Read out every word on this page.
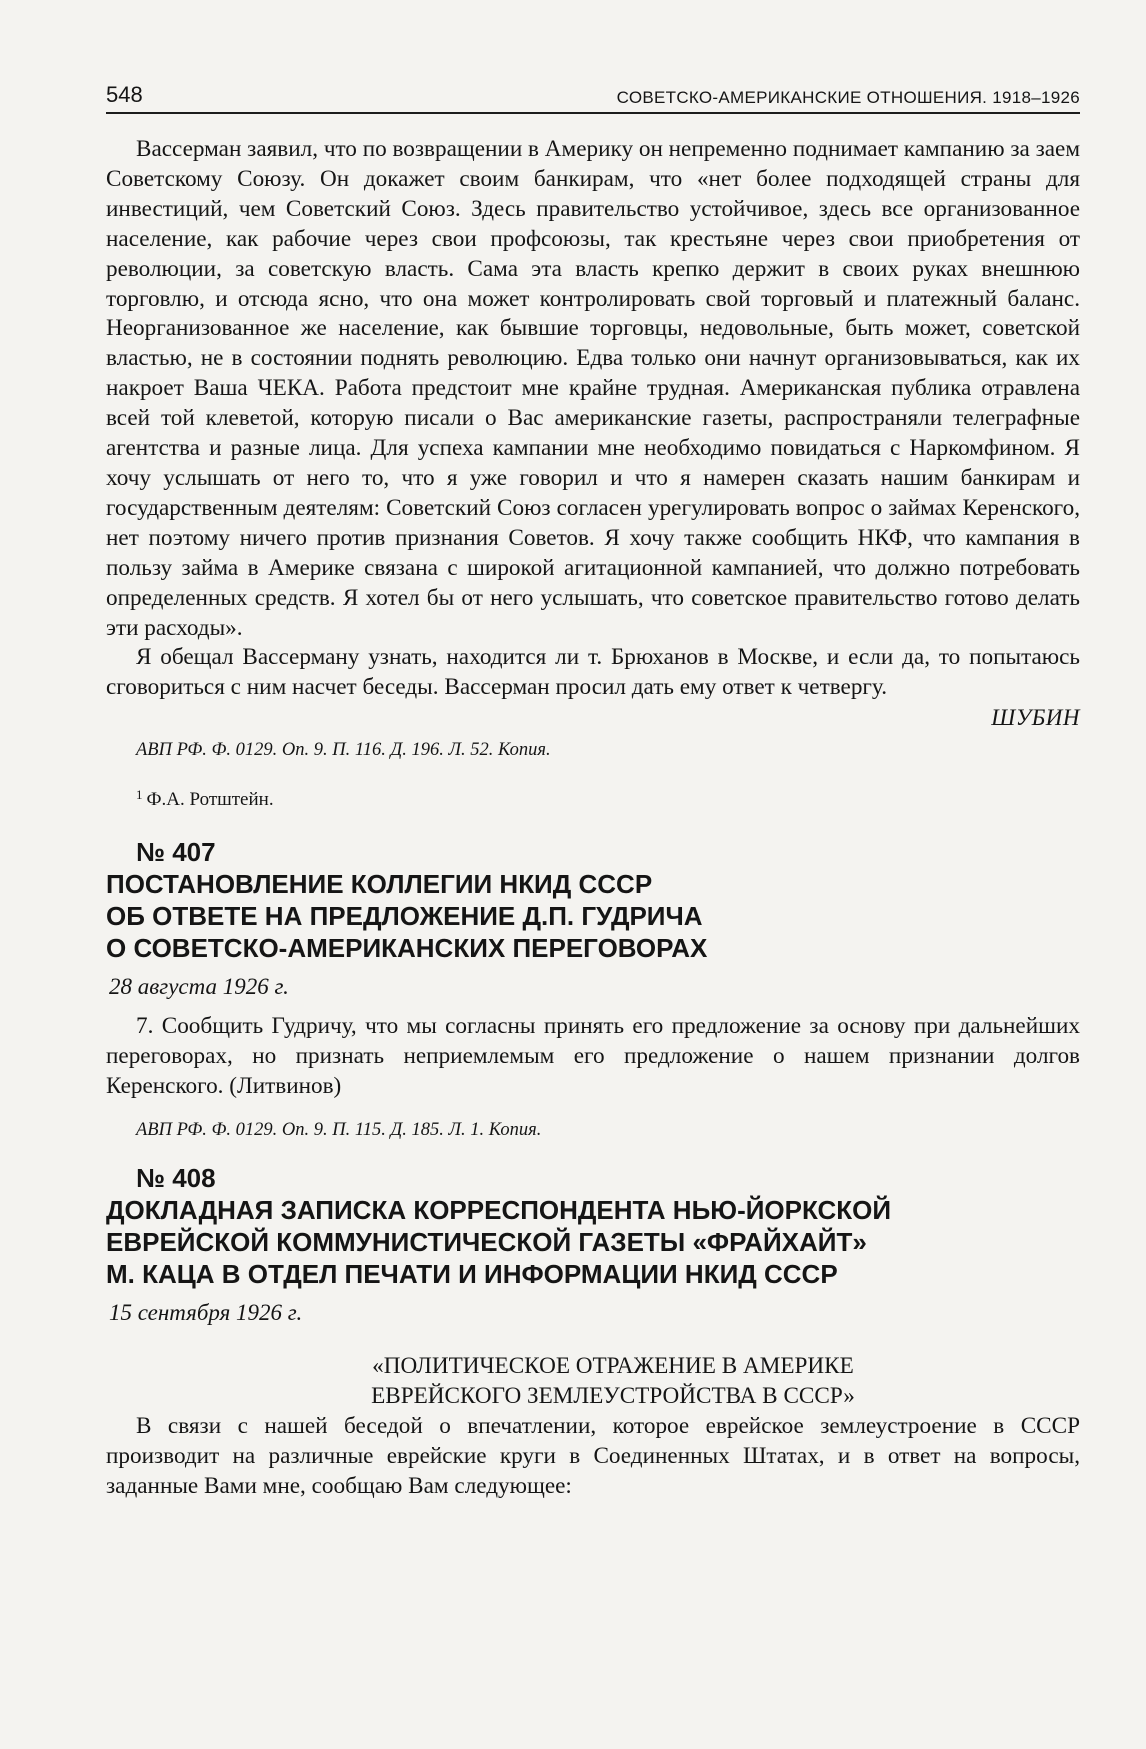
548	СОВЕТСКО-АМЕРИКАНСКИЕ ОТНОШЕНИЯ. 1918–1926

Вассерман заявил, что по возвращении в Америку он непременно поднимает кампанию за заем Советскому Союзу. Он докажет своим банкирам, что «нет более подходящей страны для инвестиций, чем Советский Союз. Здесь правительство устойчивое, здесь все организованное население, как рабочие через свои профсоюзы, так крестьяне через свои приобретения от революции, за советскую власть. Сама эта власть крепко держит в своих руках внешнюю торговлю, и отсюда ясно, что она может контролировать свой торговый и платежный баланс. Неорганизованное же население, как бывшие торговцы, недовольные, быть может, советской властью, не в состоянии поднять революцию. Едва только они начнут организовываться, как их накроет Ваша ЧЕКА. Работа предстоит мне крайне трудная. Американская публика отравлена всей той клеветой, которую писали о Вас американские газеты, распространяли телеграфные агентства и разные лица. Для успеха кампании мне необходимо повидаться с Наркомфином. Я хочу услышать от него то, что я уже говорил и что я намерен сказать нашим банкирам и государственным деятелям: Советский Союз согласен урегулировать вопрос о займах Керенского, нет поэтому ничего против признания Советов. Я хочу также сообщить НКФ, что кампания в пользу займа в Америке связана с широкой агитационной кампанией, что должно потребовать определенных средств. Я хотел бы от него услышать, что советское правительство готово делать эти расходы».

Я обещал Вассерману узнать, находится ли т. Брюханов в Москве, и если да, то попытаюсь сговориться с ним насчет беседы. Вассерман просил дать ему ответ к четвергу.

ШУБИН

АВП РФ. Ф. 0129. Оп. 9. П. 116. Д. 196. Л. 52. Копия.

$^1$ Ф.А. Ротштейн.

№ 407
ПОСТАНОВЛЕНИЕ КОЛЛЕГИИ НКИД СССР
ОБ ОТВЕТЕ НА ПРЕДЛОЖЕНИЕ Д.П. ГУДРИЧА
О СОВЕТСКО-АМЕРИКАНСКИХ ПЕРЕГОВОРАХ

28 августа 1926 г.

7. Сообщить Гудричу, что мы согласны принять его предложение за основу при дальнейших переговорах, но признать неприемлемым его предложение о нашем признании долгов Керенского. (Литвинов)

АВП РФ. Ф. 0129. Оп. 9. П. 115. Д. 185. Л. 1. Копия.

№ 408
ДОКЛАДНАЯ ЗАПИСКА КОРРЕСПОНДЕНТА НЬЮ-ЙОРКСКОЙ
ЕВРЕЙСКОЙ КОММУНИСТИЧЕСКОЙ ГАЗЕТЫ «ФРАЙХАЙТ»
М. КАЦА В ОТДЕЛ ПЕЧАТИ И ИНФОРМАЦИИ НКИД СССР

15 сентября 1926 г.

«ПОЛИТИЧЕСКОЕ ОТРАЖЕНИЕ В АМЕРИКЕ
ЕВРЕЙСКОГО ЗЕМЛЕУСТРОЙСТВА В СССР»

В связи с нашей беседой о впечатлении, которое еврейское землеустроение в СССР производит на различные еврейские круги в Соединенных Штатах, и в ответ на вопросы, заданные Вами мне, сообщаю Вам следующее:
